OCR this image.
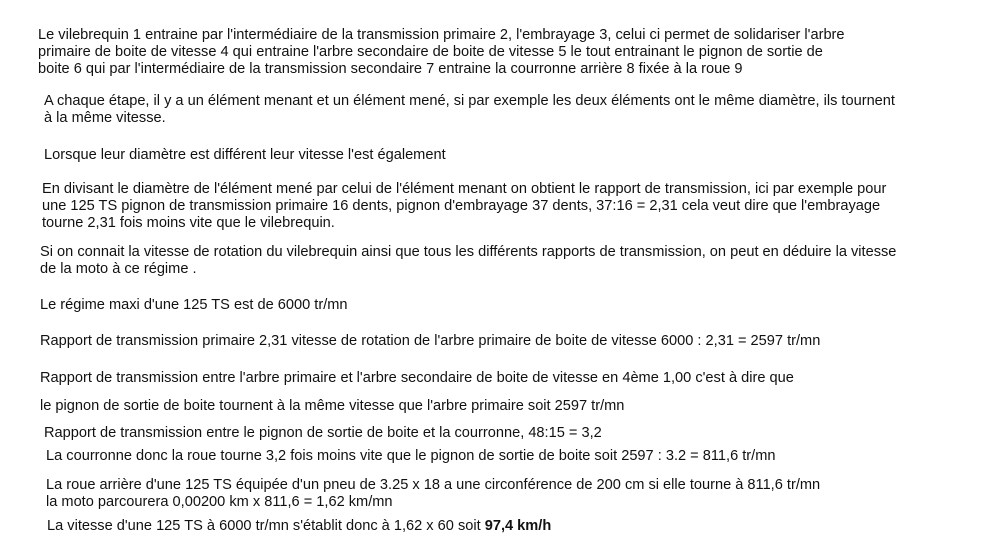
Le vilebrequin 1 entraine par l'intermédiaire de la transmission primaire 2, l'embrayage 3, celui ci permet de solidariser l'arbre
primaire de boite de vitesse 4 qui entraine l'arbre secondaire de boite de vitesse 5 le tout entrainant le pignon de sortie de
boite 6 qui par l'intermédiaire de la transmission secondaire 7 entraine la courronne arrière 8 fixée à la roue 9

A chaque étape, il y a un élément menant et un élément mené, si par exemple les deux éléments ont le même diamètre, ils tournent
à la même vitesse.

Lorsque leur diamètre est différent leur vitesse l'est également

En divisant le diamètre de l'élément mené par celui de l'élément menant on obtient le rapport de transmission, ici par exemple pour
une 125 TS pignon de transmission primaire 16 dents, pignon d'embrayage 37 dents, 37:16 = 2,31 cela veut dire que l'embrayage
tourne 2,31 fois moins vite que le vilebrequin.

Si on connait la vitesse de rotation du vilebrequin ainsi que tous les différents rapports de transmission, on peut en déduire la vitesse
de la moto à ce régime .

Le régime maxi d'une 125 TS est de 6000 tr/mn

Rapport de transmission primaire 2,31 vitesse de rotation de l'arbre primaire de boite de vitesse 6000 : 2,31 = 2597 tr/mn

Rapport de transmission entre l'arbre primaire et l'arbre secondaire de boite de vitesse en 4ème 1,00 c'est à dire que

le pignon de sortie de boite tournent à la même vitesse que l'arbre primaire soit 2597 tr/mn

Rapport de transmission entre le pignon de sortie de boite et la courronne, 48:15 = 3,2

La courronne donc la roue tourne 3,2 fois moins vite que le pignon de sortie de boite soit 2597 : 3.2 = 811,6 tr/mn

La roue arrière d'une 125 TS équipée d'un pneu de 3.25 x 18 a une circonférence de 200 cm si elle tourne à 811,6 tr/mn
la moto parcourera 0,00200 km x 811,6 = 1,62 km/mn

La vitesse d'une 125 TS à 6000 tr/mn s'établit donc à 1,62 x 60 soit 97,4 km/h
